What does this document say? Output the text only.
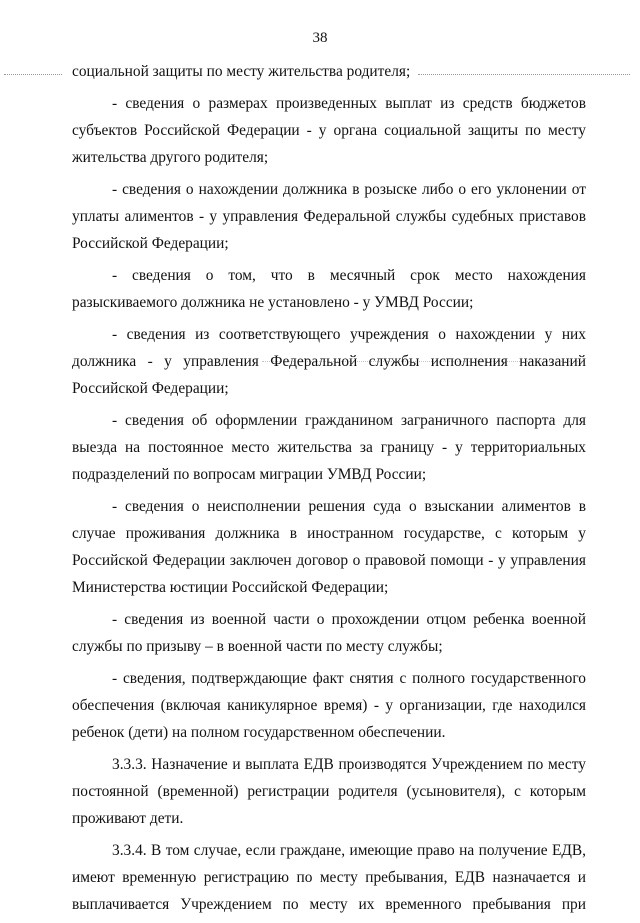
38

социальной защиты по месту жительства родителя;

- сведения о размерах произведенных выплат из средств бюджетов субъектов Российской Федерации - у органа социальной защиты по месту жительства другого родителя;

- сведения о нахождении должника в розыске либо о его уклонении от уплаты алиментов - у управления Федеральной службы судебных приставов Российской Федерации;

- сведения о том, что в месячный срок место нахождения разыскиваемого должника не установлено - у УМВД России;

- сведения из соответствующего учреждения о нахождении у них должника - у управления Федеральной службы исполнения наказаний Российской Федерации;

- сведения об оформлении гражданином заграничного паспорта для выезда на постоянное место жительства за границу - у территориальных подразделений по вопросам миграции УМВД России;

- сведения о неисполнении решения суда о взыскании алиментов в случае проживания должника в иностранном государстве, с которым у Российской Федерации заключен договор о правовой помощи - у управления Министерства юстиции Российской Федерации;

- сведения из военной части о прохождении отцом ребенка военной службы по призыву – в военной части по месту службы;

- сведения, подтверждающие факт снятия с полного государственного обеспечения (включая каникулярное время) - у организации, где находился ребенок (дети) на полном государственном обеспечении.

3.3.3. Назначение и выплата ЕДВ производятся Учреждением по месту постоянной (временной) регистрации родителя (усыновителя), с которым проживают дети.

3.3.4. В том случае, если граждане, имеющие право на получение ЕДВ, имеют временную регистрацию по месту пребывания, ЕДВ назначается и выплачивается Учреждением по месту их временного пребывания при
